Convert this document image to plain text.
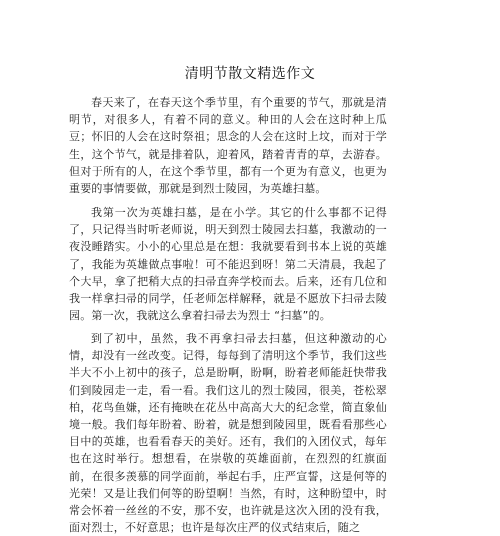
清明节散文精选作文

春天来了，在春天这个季节里，有个重要的节气，那就是清明节，对很多人，有着不同的意义。种田的人会在这时种上瓜豆；怀旧的人会在这时祭祖；思念的人会在这时上坟，而对于学生，这个节气，就是排着队，迎着风，踏着青青的草，去游春。但对于所有的人，在这个季节里，都有一个更为有意义，也更为重要的事情要做，那就是到烈士陵园，为英雄扫墓。

我第一次为英雄扫墓，是在小学。其它的什么事都不记得了，只记得当时听老师说，明天到烈士陵园去扫墓，我激动的一夜没睡踏实。小小的心里总是在想：我就要看到书本上说的英雄了，我能为英雄做点事啦！可不能迟到呀！第二天清晨，我起了个大早，拿了把稍大点的扫帚直奔学校而去。后来，还有几位和我一样拿扫帚的同学，任老师怎样解释，就是不愿放下扫帚去陵园。第一次，我就这么拿着扫帚去为烈士 “扫墓”的。

到了初中，虽然，我不再拿扫帚去扫墓，但这种激动的心情，却没有一丝改变。记得，每每到了清明这个季节，我们这些半大不小上初中的孩子，总是盼啊，盼啊，盼着老师能赶快带我们到陵园走一走，看一看。我们这儿的烈士陵园，很美，苍松翠柏，花鸟鱼嫌，还有掩映在花丛中高高大大的纪念堂，简直象仙境一般。我们每年盼着、盼着，就是想到陵园里，既看看那些心目中的英雄，也看看春天的美好。还有，我们的入团仪式，每年也在这时举行。想想看，在崇敬的英雄面前，在烈烈的红旗面前，在很多羡慕的同学面前，举起右手，庄严宣誓，这是何等的光荣！又是让我们何等的盼望啊！当然，有时，这种盼望中，时常会怀着一丝丝的不安，那不安，也许就是这次入团的没有我，面对烈士，不好意思；也许是每次庄严的仪式结束后，随之
